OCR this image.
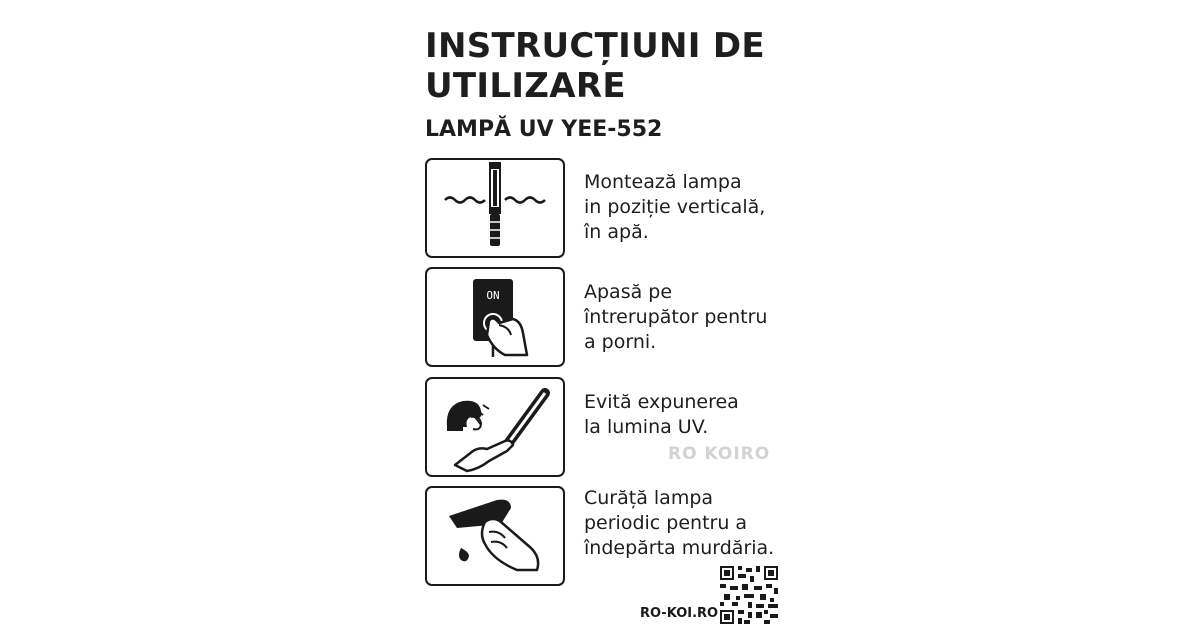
INSTRUCȚIUNI DE UTILIZARE
LAMPĂ UV YEE-552

Montează lampa
in poziție verticală,
în apă.

ON	Apasă pe
întrerupător pentru
a porni.

Evită expunerea
la lumina UV.

Curăță lampa
periodic pentru a
îndepărta murdăria.

RO KOIRO
RO-KOI.RO
